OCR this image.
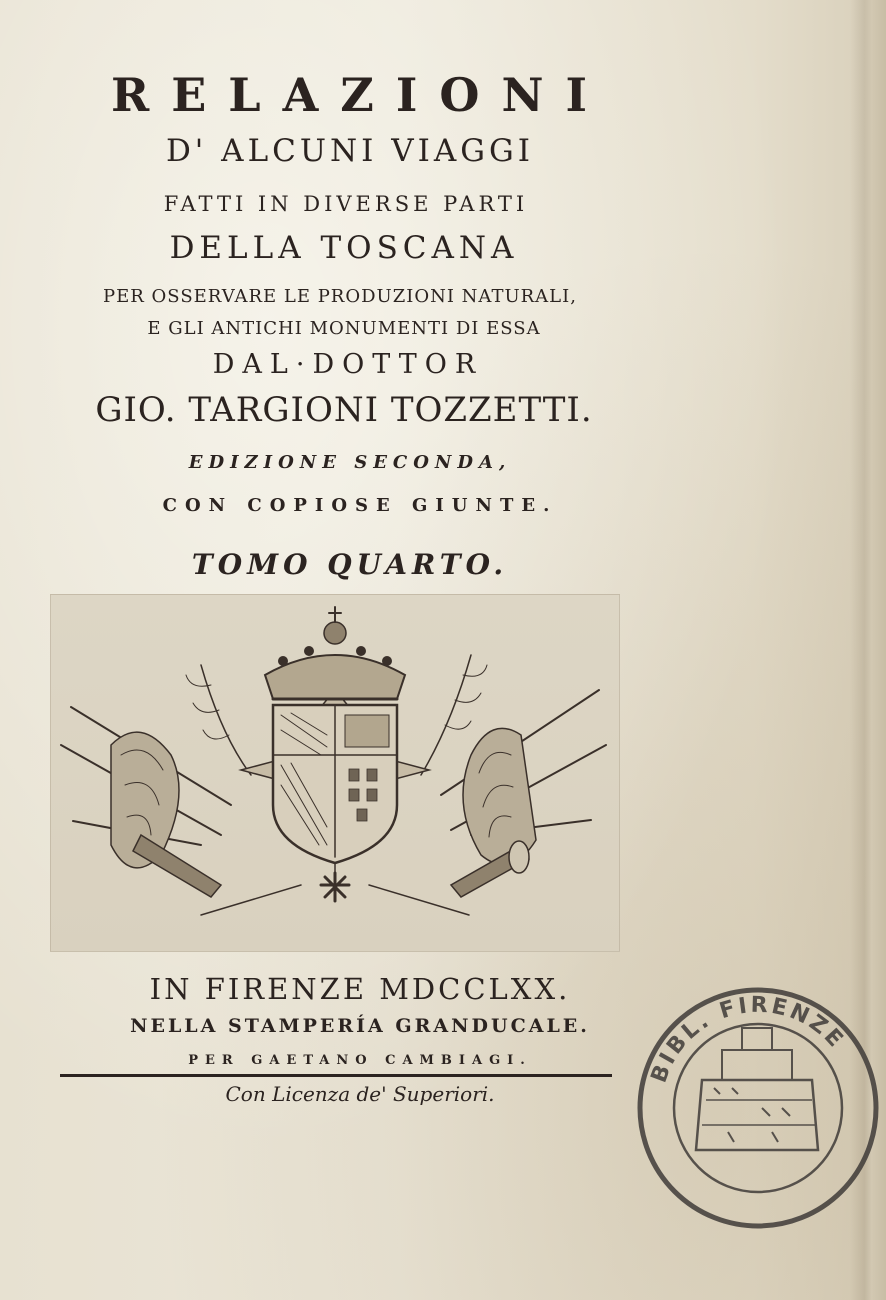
RELAZIONI
D' ALCUNI VIAGGI
FATTI IN DIVERSE PARTI
DELLA TOSCANA
PER OSSERVARE LE PRODUZIONI NATURALI,
E GLI ANTICHI MONUMENTI DI ESSA
DAL·DOTTOR
GIO. TARGIONI TOZZETTI.
EDIZIONE SECONDA,
CON COPIOSE GIUNTE.
TOMO QUARTO.
IN FIRENZE MDCCLXX.
NELLA STAMPERÍA GRANDUCALE.
PER GAETANO CAMBIAGI.
Con Licenza de' Superiori.
BIBL. FIRENZE
